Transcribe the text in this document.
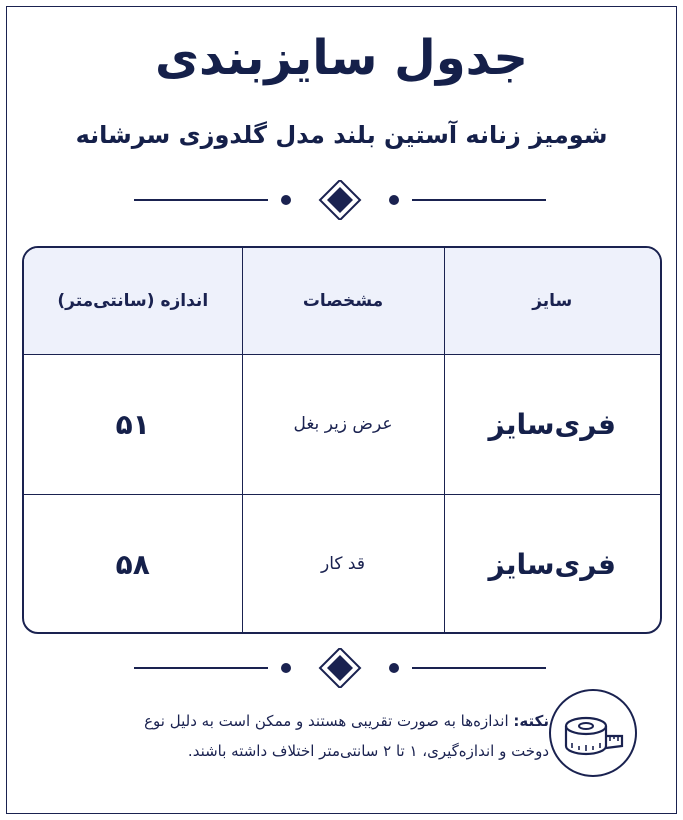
جدول سایزبندی
شومیز زنانه آستین بلند مدل گلدوزی سرشانه
سایز	مشخصات	اندازه (سانتی‌متر)
فری‌سایز	عرض زیر بغل	۵۱
فری‌سایز	قد کار	۵۸
نکته: اندازه‌ها به صورت تقریبی هستند و ممکن است به دلیل نوع دوخت و اندازه‌گیری، ۱ تا ۲ سانتی‌متر اختلاف داشته باشند.
